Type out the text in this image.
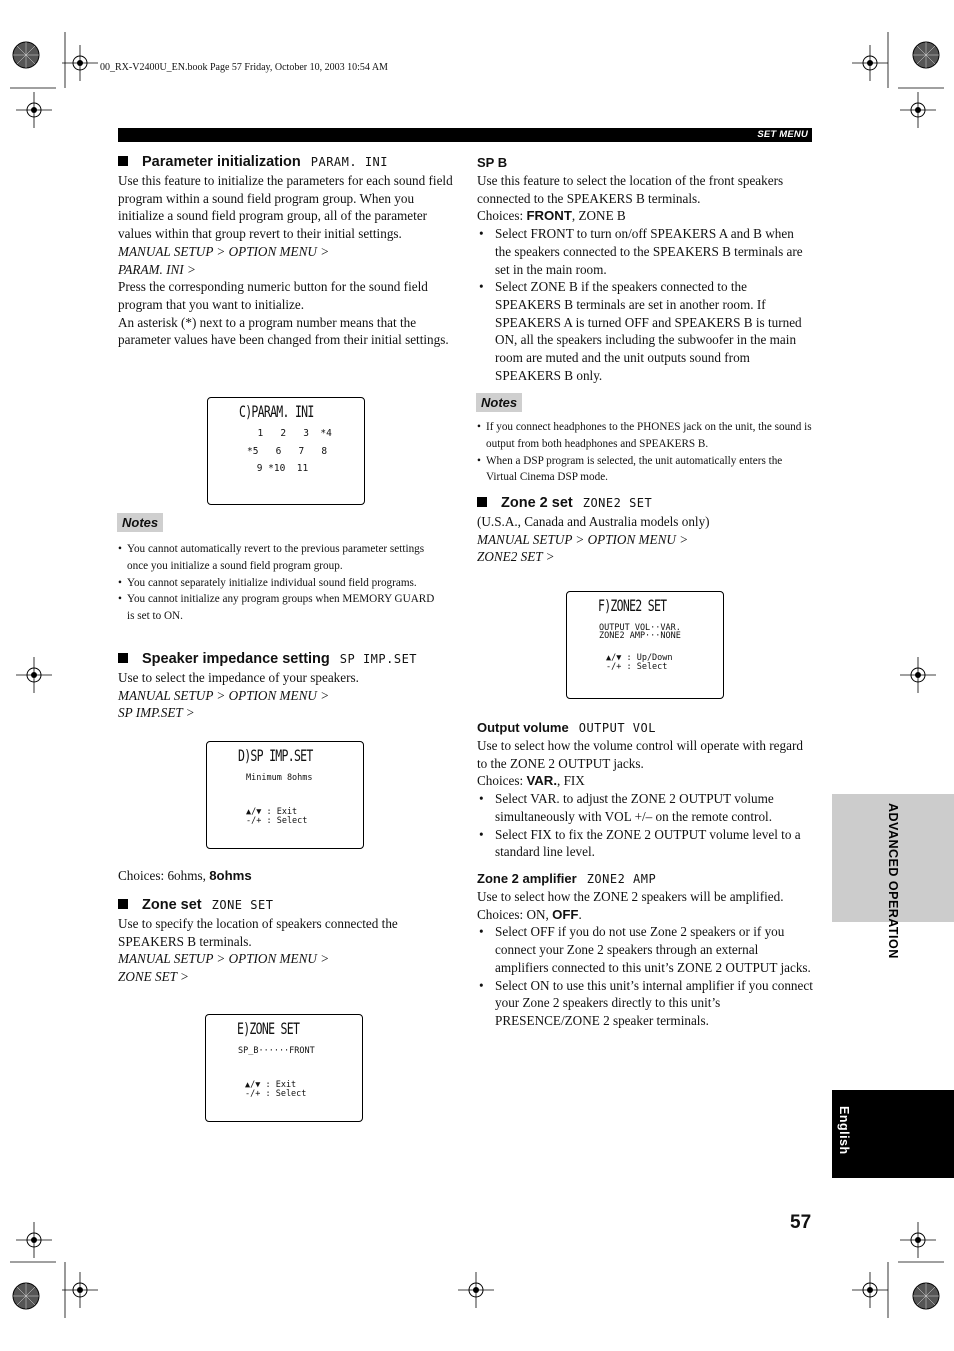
00_RX-V2400U_EN.book Page 57 Friday, October 10, 2003 10:54 AM
SET MENU
Parameter initialization PARAM. INI

Use this feature to initialize the parameters for each sound field program within a sound field program group. When you initialize a sound field program group, all of the parameter values within that group revert to their initial settings.

MANUAL SETUP > OPTION MENU >

PARAM. INI >

Press the corresponding numeric button for the sound field program that you want to initialize.

An asterisk (*) next to a program number means that the parameter values have been changed from their initial settings.

C)PARAM. INI
1   2   3  *4
*5   6   7   8
9 *10  11
Notes
• You cannot automatically revert to the previous parameter settings once you initialize a sound field program group.
• You cannot separately initialize individual sound field programs.
• You cannot initialize any program groups when MEMORY GUARD is set to ON.
Speaker impedance setting SP IMP.SET

Use to select the impedance of your speakers.

MANUAL SETUP > OPTION MENU >

SP IMP.SET >

D)SP IMP.SET
Minimum 8ohms
▲/▼ : Exit
-/+ : Select

Choices: 6ohms, 8ohms

Zone set ZONE SET

Use to specify the location of speakers connected the SPEAKERS B terminals.

MANUAL SETUP > OPTION MENU >

ZONE SET >

E)ZONE SET
SP_B······FRONT
▲/▼ : Exit
-/+ : Select
SP B

Use this feature to select the location of the front speakers connected to the SPEAKERS B terminals.

Choices: FRONT, ZONE B

• Select FRONT to turn on/off SPEAKERS A and B when the speakers connected to the SPEAKERS B terminals are set in the main room.
• Select ZONE B if the speakers connected to the SPEAKERS B terminals are set in another room. If SPEAKERS A is turned OFF and SPEAKERS B is turned ON, all the speakers including the subwoofer in the main room are muted and the unit outputs sound from SPEAKERS B only.
Notes
• If you connect headphones to the PHONES jack on the unit, the sound is output from both headphones and SPEAKERS B.
• When a DSP program is selected, the unit automatically enters the Virtual Cinema DSP mode.
Zone 2 set ZONE2 SET

(U.S.A., Canada and Australia models only)

MANUAL SETUP > OPTION MENU >

ZONE2 SET >

F)ZONE2 SET
OUTPUT VOL··VAR.
ZONE2 AMP···NONE
▲/▼ : Up/Down
-/+ : Select
Output volume OUTPUT VOL

Use to select how the volume control will operate with regard to the ZONE 2 OUTPUT jacks.

Choices: VAR., FIX

• Select VAR. to adjust the ZONE 2 OUTPUT volume simultaneously with VOL +/– on the remote control.
• Select FIX to fix the ZONE 2 OUTPUT volume level to a standard line level.
Zone 2 amplifier ZONE2 AMP

Use to select how the ZONE 2 speakers will be amplified.

Choices: ON, OFF.

• Select OFF if you do not use Zone 2 speakers or if you connect your Zone 2 speakers through an external amplifiers connected to this unit’s ZONE 2 OUTPUT jacks.
• Select ON to use this unit’s internal amplifier if you connect your Zone 2 speakers directly to this unit’s PRESENCE/ZONE 2 speaker terminals.
ADVANCED OPERATION
English
57
